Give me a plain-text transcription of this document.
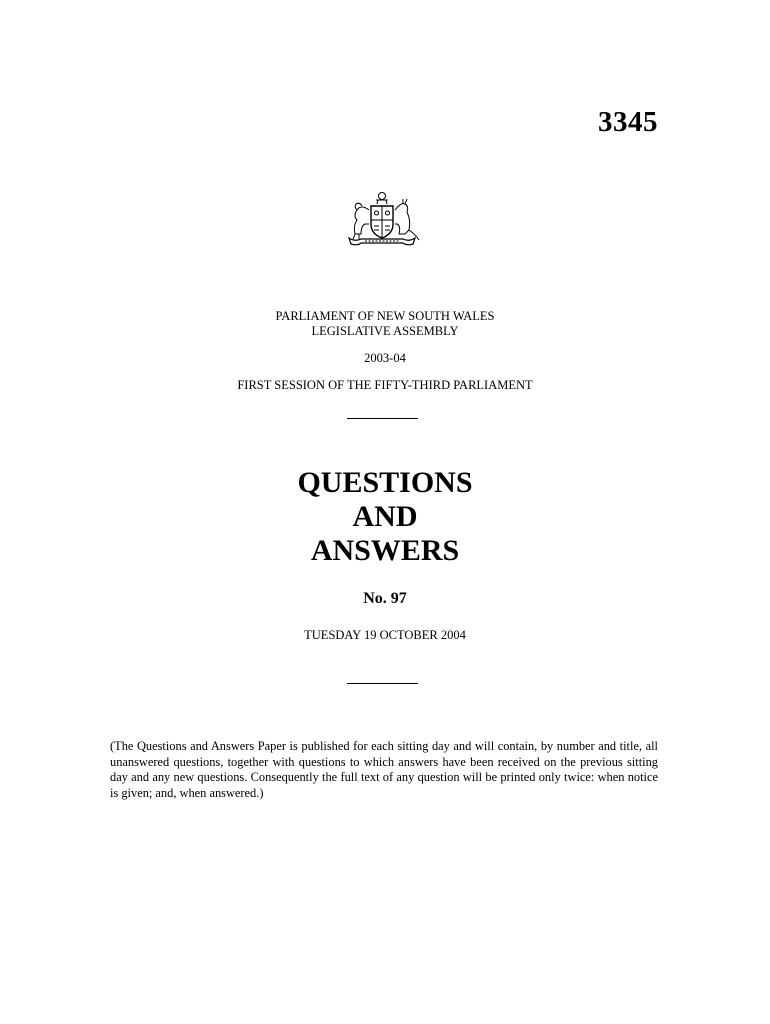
3345
PARLIAMENT OF NEW SOUTH WALES
LEGISLATIVE ASSEMBLY
2003-04
FIRST SESSION OF THE FIFTY-THIRD PARLIAMENT
QUESTIONS
AND
ANSWERS
No. 97
TUESDAY 19 OCTOBER 2004
(The Questions and Answers Paper is published for each sitting day and will contain, by number and title, all unanswered questions, together with questions to which answers have been received on the previous sitting day and any new questions. Consequently the full text of any question will be printed only twice: when notice is given; and, when answered.)
